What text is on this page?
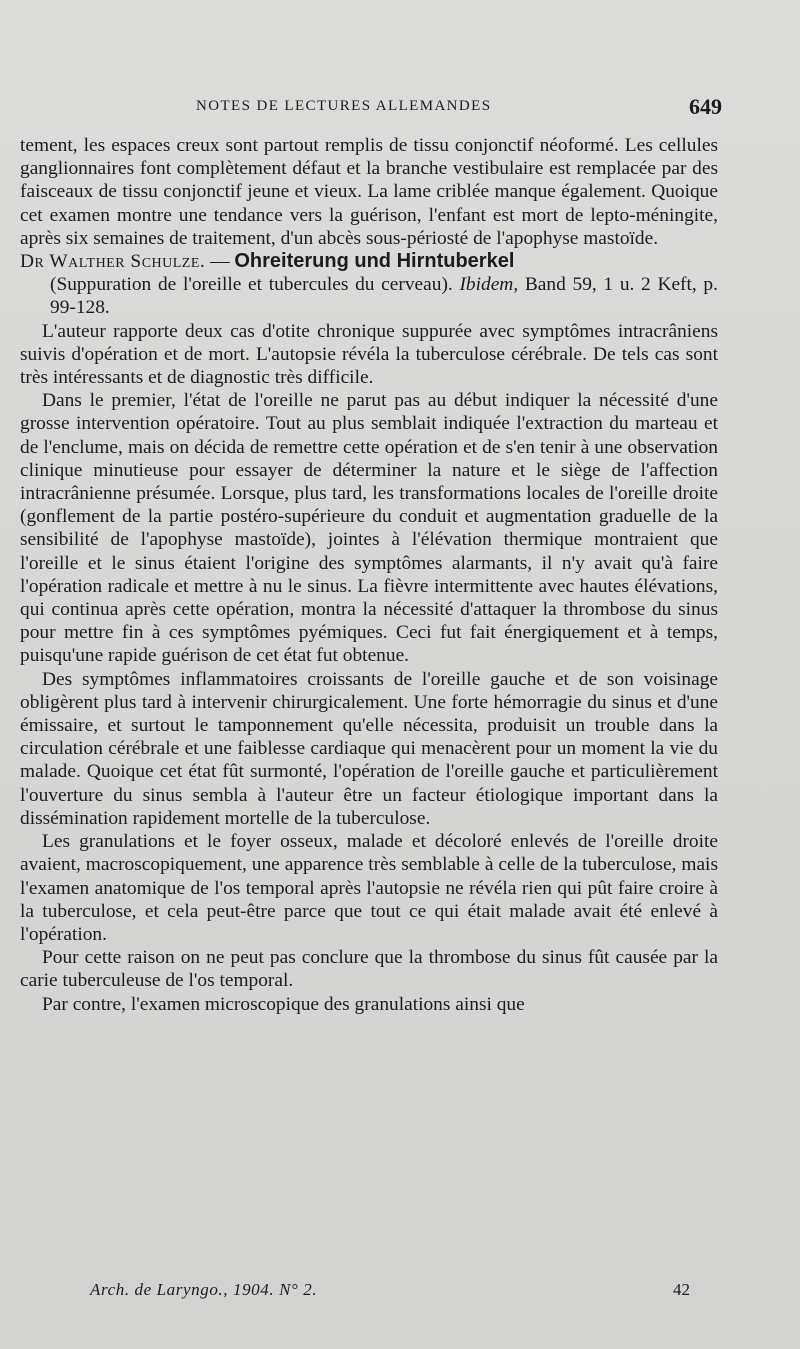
NOTES DE LECTURES ALLEMANDES	649

tement, les espaces creux sont partout remplis de tissu conjonctif néoformé. Les cellules ganglionnaires font complètement défaut et la branche vestibulaire est remplacée par des faisceaux de tissu conjonctif jeune et vieux. La lame criblée manque également. Quoique cet examen montre une tendance vers la guérison, l'enfant est mort de lepto-méningite, après six semaines de traitement, d'un abcès sous-périosté de l'apophyse mastoïde.

Dr Walther Schulze. — Ohreiterung und Hirntuberkel
(Suppuration de l'oreille et tubercules du cerveau). Ibidem, Band 59, 1 u. 2 Keft, p. 99-128.

L'auteur rapporte deux cas d'otite chronique suppurée avec symptômes intracrâniens suivis d'opération et de mort. L'autopsie révéla la tuberculose cérébrale. De tels cas sont très intéressants et de diagnostic très difficile.

Dans le premier, l'état de l'oreille ne parut pas au début indiquer la nécessité d'une grosse intervention opératoire. Tout au plus semblait indiquée l'extraction du marteau et de l'enclume, mais on décida de remettre cette opération et de s'en tenir à une observation clinique minutieuse pour essayer de déterminer la nature et le siège de l'affection intracrânienne présumée. Lorsque, plus tard, les transformations locales de l'oreille droite (gonflement de la partie postéro-supérieure du conduit et augmentation graduelle de la sensibilité de l'apophyse mastoïde), jointes à l'élévation thermique montraient que l'oreille et le sinus étaient l'origine des symptômes alarmants, il n'y avait qu'à faire l'opération radicale et mettre à nu le sinus. La fièvre intermittente avec hautes élévations, qui continua après cette opération, montra la nécessité d'attaquer la thrombose du sinus pour mettre fin à ces symptômes pyémiques. Ceci fut fait énergiquement et à temps, puisqu'une rapide guérison de cet état fut obtenue.

Des symptômes inflammatoires croissants de l'oreille gauche et de son voisinage obligèrent plus tard à intervenir chirurgicalement. Une forte hémorragie du sinus et d'une émissaire, et surtout le tamponnement qu'elle nécessita, produisit un trouble dans la circulation cérébrale et une faiblesse cardiaque qui menacèrent pour un moment la vie du malade. Quoique cet état fût surmonté, l'opération de l'oreille gauche et particulièrement l'ouverture du sinus sembla à l'auteur être un facteur étiologique important dans la dissémination rapidement mortelle de la tuberculose.

Les granulations et le foyer osseux, malade et décoloré enlevés de l'oreille droite avaient, macroscopiquement, une apparence très semblable à celle de la tuberculose, mais l'examen anatomique de l'os temporal après l'autopsie ne révéla rien qui pût faire croire à la tuberculose, et cela peut-être parce que tout ce qui était malade avait été enlevé à l'opération.

Pour cette raison on ne peut pas conclure que la thrombose du sinus fût causée par la carie tuberculeuse de l'os temporal.

Par contre, l'examen microscopique des granulations ainsi que

Arch. de Laryngo., 1904. N° 2.	42
